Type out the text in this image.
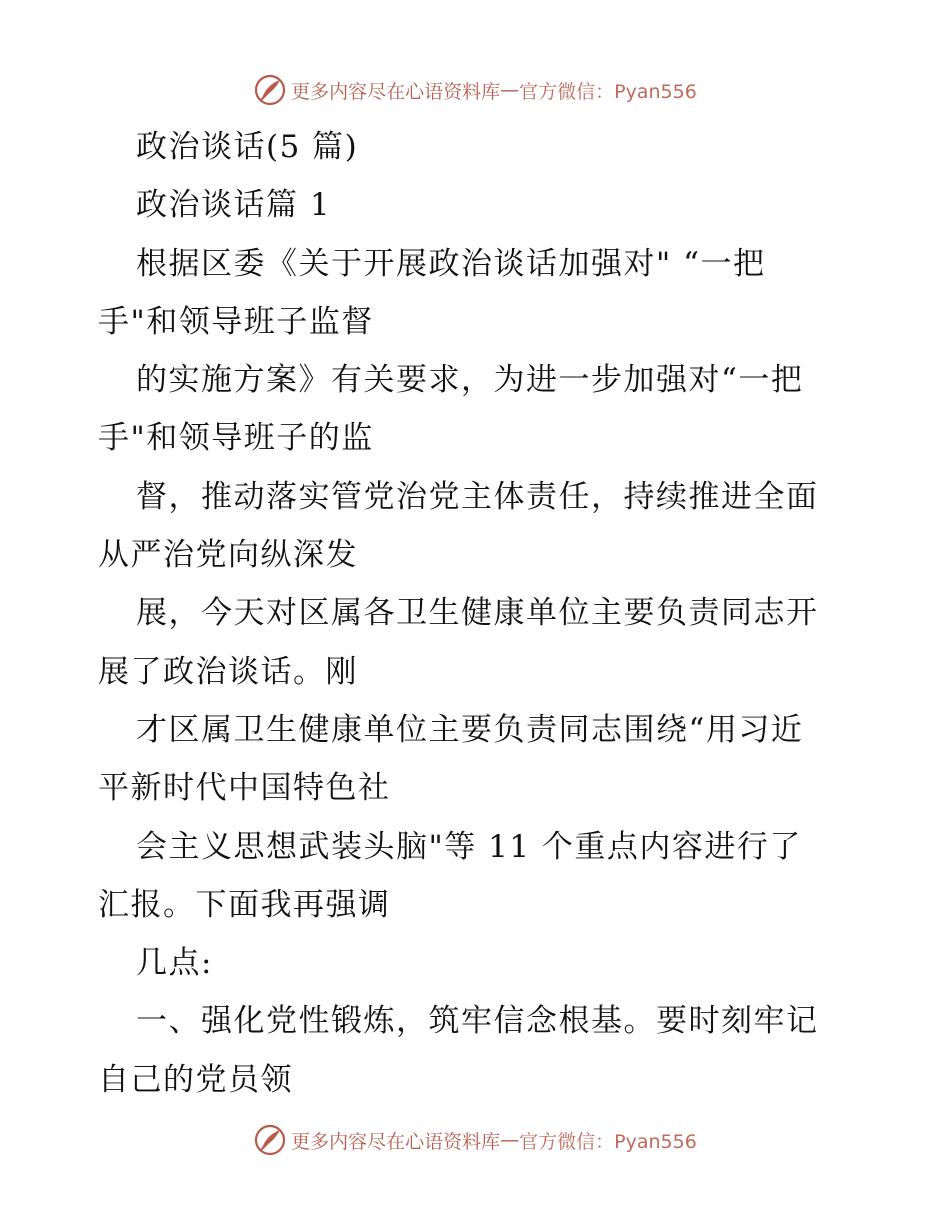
更多内容尽在心语资料库 — 官方微信：Pyan556
政治谈话(5 篇)
政治谈话篇 1
根据区委《关于开展政治谈话加强对" “一把
手"和领导班子监督
的实施方案》有关要求，为进一步加强对“一把
手"和领导班子的监
督，推动落实管党治党主体责任，持续推进全面
从严治党向纵深发
展，今天对区属各卫生健康单位主要负责同志开
展了政治谈话。刚
才区属卫生健康单位主要负责同志围绕“用习近
平新时代中国特色社
会主义思想武装头脑"等 11 个重点内容进行了
汇报。下面我再强调
几点:
一、强化党性锻炼，筑牢信念根基。要时刻牢记
自己的党员领
更多内容尽在心语资料库 — 官方微信：Pyan556
